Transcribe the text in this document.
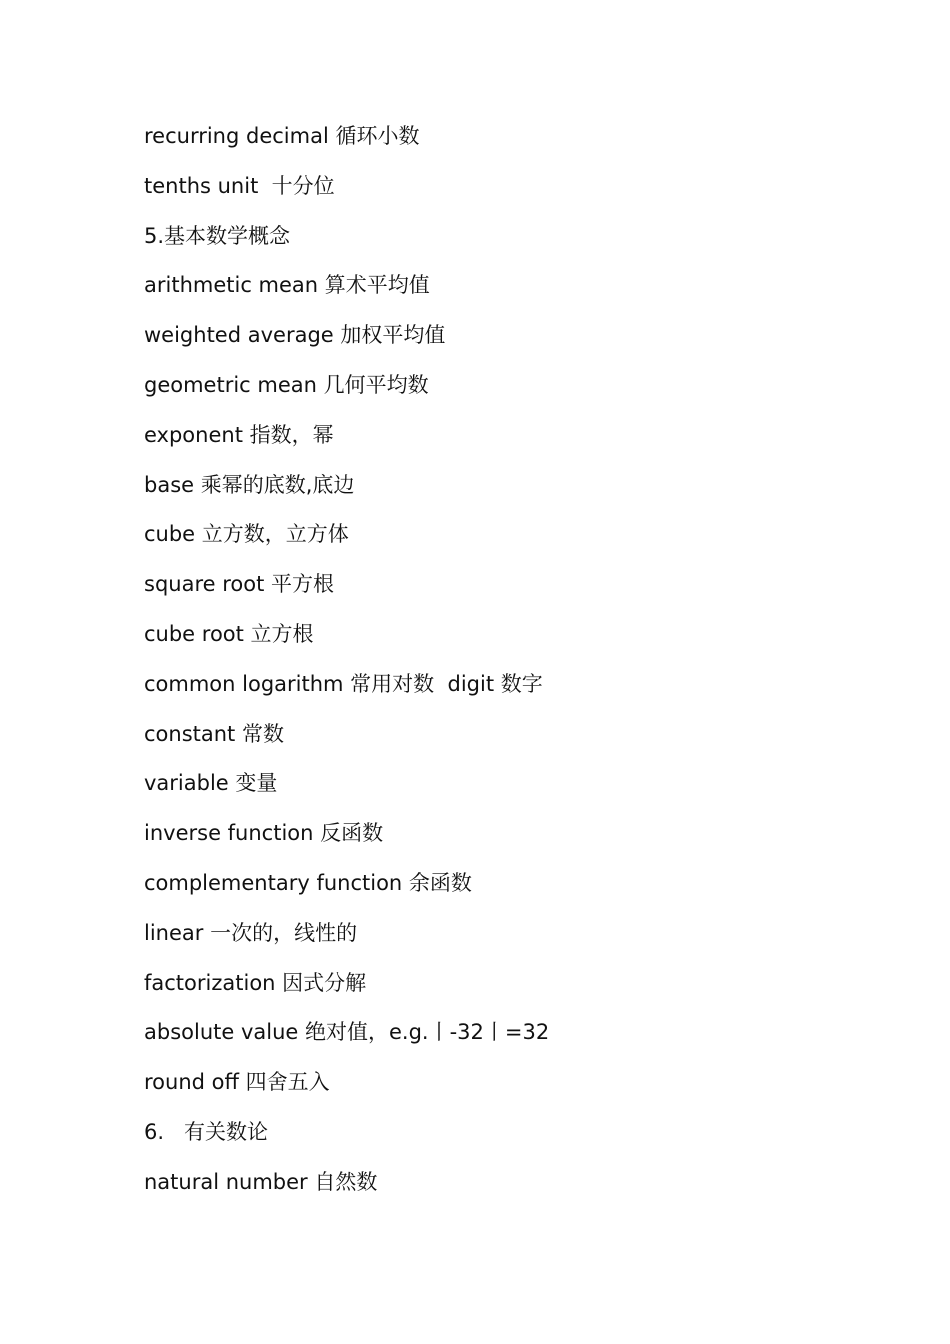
recurring decimal 循环小数
tenths unit  十分位
5.基本数学概念
arithmetic mean 算术平均值
weighted average 加权平均值
geometric mean 几何平均数
exponent 指数，幂
base 乘幂的底数,底边
cube 立方数，立方体
square root 平方根
cube root 立方根
common logarithm 常用对数  digit 数字
constant 常数
variable 变量
inverse function 反函数
complementary function 余函数
linear 一次的，线性的
factorization 因式分解
absolute value 绝对值，e.g.丨-32丨=32
round off 四舍五入
6.   有关数论
natural number 自然数
